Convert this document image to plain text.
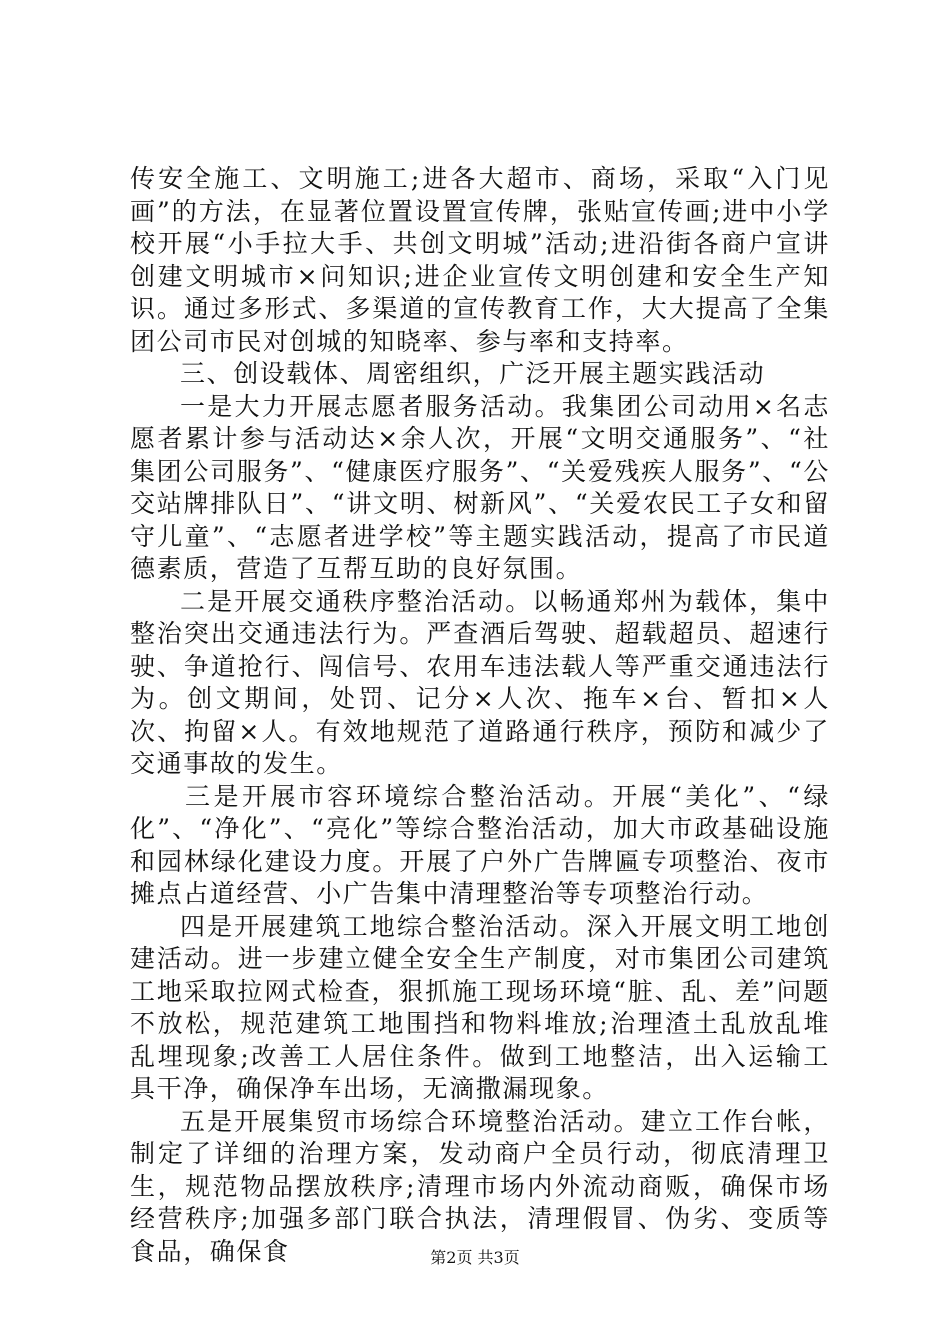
传安全施工、文明施工;进各大超市、商场，采取“入门见画”的方法，在显著位置设置宣传牌，张贴宣传画;进中小学校开展“小手拉大手、共创文明城”活动;进沿街各商户宣讲创建文明城市×问知识;进企业宣传文明创建和安全生产知识。通过多形式、多渠道的宣传教育工作，大大提高了全集团公司市民对创城的知晓率、参与率和支持率。

三、创设载体、周密组织，广泛开展主题实践活动

一是大力开展志愿者服务活动。我集团公司动用×名志愿者累计参与活动达×余人次，开展“文明交通服务”、“社集团公司服务”、“健康医疗服务”、“关爱残疾人服务”、“公交站牌排队日”、“讲文明、树新风”、“关爱农民工子女和留守儿童”、“志愿者进学校”等主题实践活动，提高了市民道德素质，营造了互帮互助的良好氛围。

二是开展交通秩序整治活动。以畅通郑州为载体，集中整治突出交通违法行为。严查酒后驾驶、超载超员、超速行驶、争道抢行、闯信号、农用车违法载人等严重交通违法行为。创文期间，处罚、记分×人次、拖车×台、暂扣×人次、拘留×人。有效地规范了道路通行秩序，预防和减少了交通事故的发生。

三是开展市容环境综合整治活动。开展“美化”、“绿化”、“净化”、“亮化”等综合整治活动，加大市政基础设施和园林绿化建设力度。开展了户外广告牌匾专项整治、夜市摊点占道经营、小广告集中清理整治等专项整治行动。

四是开展建筑工地综合整治活动。深入开展文明工地创建活动。进一步建立健全安全生产制度，对市集团公司建筑工地采取拉网式检查，狠抓施工现场环境“脏、乱、差”问题不放松，规范建筑工地围挡和物料堆放;治理渣土乱放乱堆乱埋现象;改善工人居住条件。做到工地整洁，出入运输工具干净，确保净车出场，无滴撒漏现象。

五是开展集贸市场综合环境整治活动。建立工作台帐，制定了详细的治理方案，发动商户全员行动，彻底清理卫生，规范物品摆放秩序;清理市场内外流动商贩，确保市场经营秩序;加强多部门联合执法，清理假冒、伪劣、变质等食品，确保食	第2页 共3页
